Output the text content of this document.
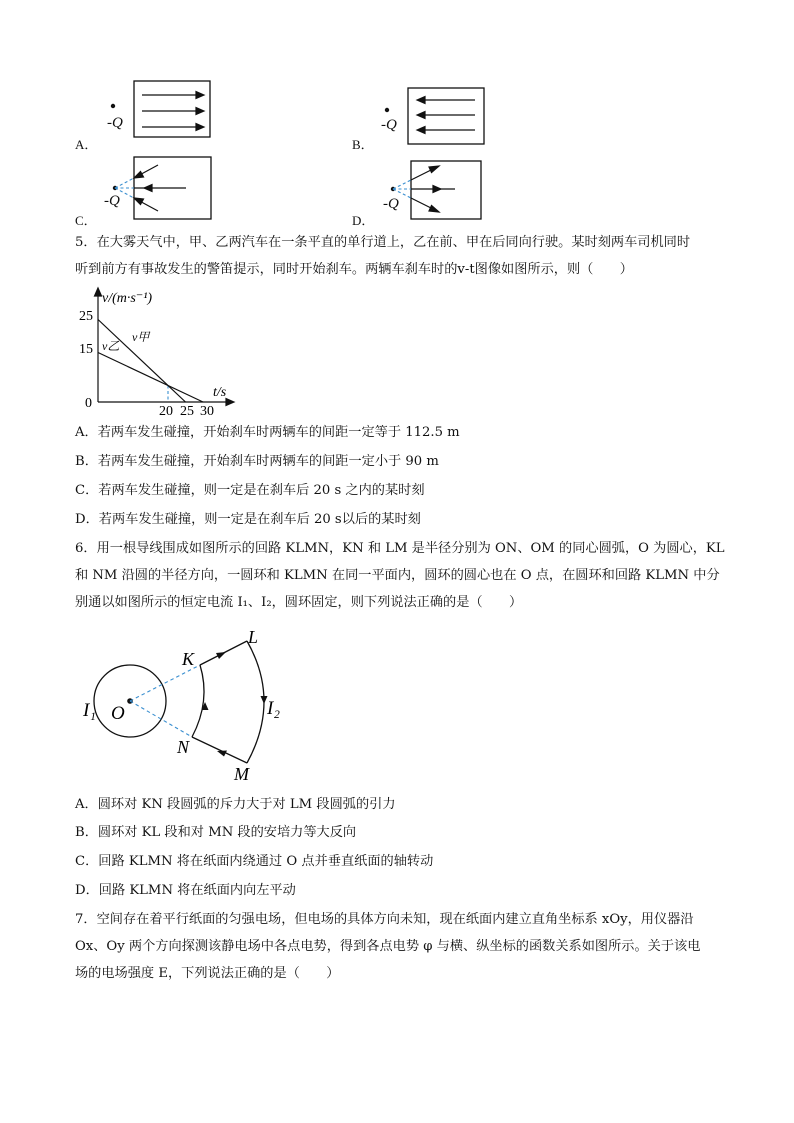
A．
-Q
B．
-Q
C．
-Q
D．
-Q
5．在大雾天气中，甲、乙两汽车在一条平直的单行道上，乙在前、甲在后同向行驶。某时刻两车司机同时
听到前方有事故发生的警笛提示，同时开始刹车。两辆车刹车时的v-t图像如图所示，则（　　）
v/(m·s⁻¹)
t/s
0
25
15
20 25 30
v甲
v乙
A．若两车发生碰撞，开始刹车时两辆车的间距一定等于 112.5 m
B．若两车发生碰撞，开始刹车时两辆车的间距一定小于 90 m
C．若两车发生碰撞，则一定是在刹车后 20 s 之内的某时刻
D．若两车发生碰撞，则一定是在刹车后 20 s以后的某时刻
6．用一根导线围成如图所示的回路 KLMN，KN 和 LM 是半径分别为 ON、OM 的同心圆弧，O 为圆心，KL
和 NM 沿圆的半径方向，一圆环和 KLMN 在同一平面内，圆环的圆心也在 O 点，在圆环和回路 KLMN 中分
别通以如图所示的恒定电流 I₁、I₂，圆环固定，则下列说法正确的是（　　）
I₁ O
K
L
I₂
N
M
A．圆环对 KN 段圆弧的斥力大于对 LM 段圆弧的引力
B．圆环对 KL 段和对 MN 段的安培力等大反向
C．回路 KLMN 将在纸面内绕通过 O 点并垂直纸面的轴转动
D．回路 KLMN 将在纸面内向左平动
7．空间存在着平行纸面的匀强电场，但电场的具体方向未知，现在纸面内建立直角坐标系 xOy，用仪器沿
Ox、Oy 两个方向探测该静电场中各点电势，得到各点电势 φ 与横、纵坐标的函数关系如图所示。关于该电
场的电场强度 E，下列说法正确的是（　　）
